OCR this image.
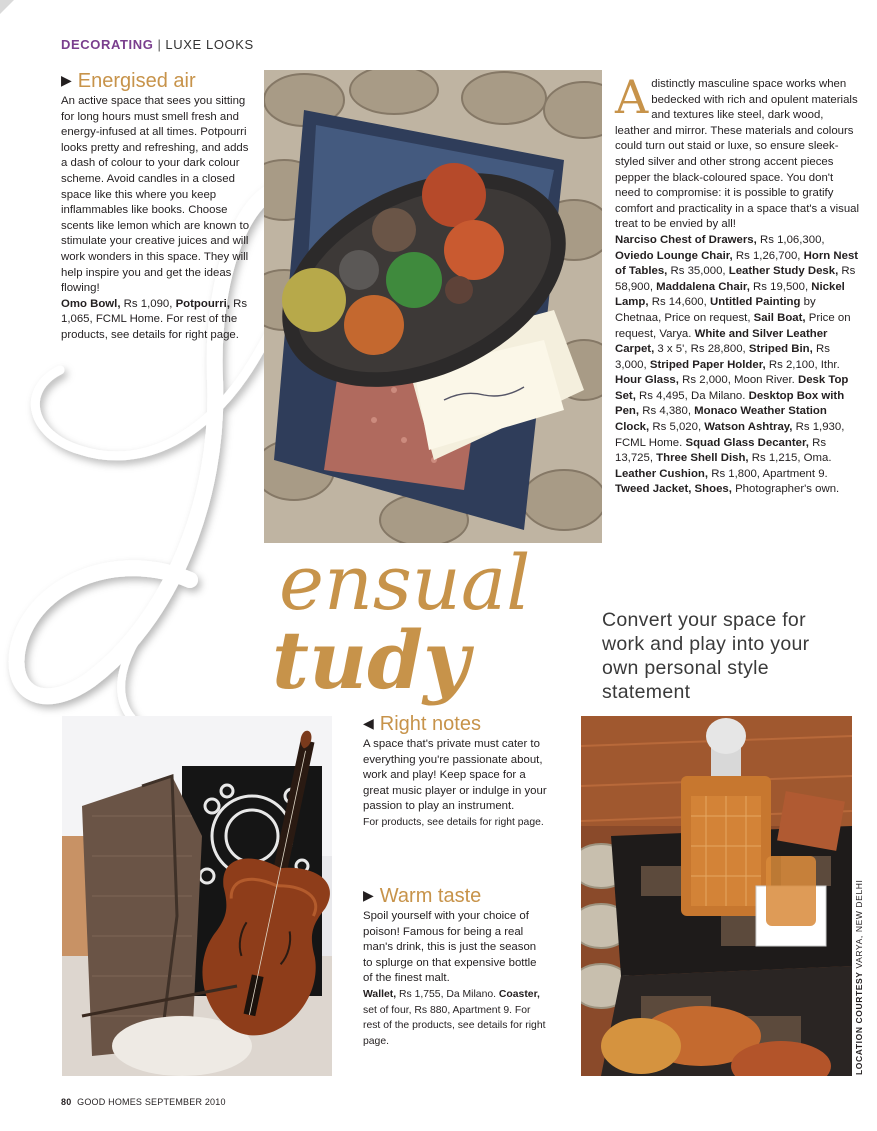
DECORATING | LUXE LOOKS
▶ Energised air

An active space that sees you sitting for long hours must smell fresh and energy-infused at all times. Potpourri looks pretty and refreshing, and adds a dash of colour to your dark colour scheme. Avoid candles in a closed space like this where you keep inflammables like books. Choose scents like lemon which are known to stimulate your creative juices and will work wonders in this space. They will help inspire you and get the ideas flowing!

Omo Bowl, Rs 1,090, Potpourri, Rs 1,065, FCML Home. For rest of the products, see details for right page.

Adistinctly masculine space works when bedecked with rich and opulent materials and textures like steel, dark wood, leather and mirror. These materials and colours could turn out staid or luxe, so ensure sleek-styled silver and other strong accent pieces pepper the black-coloured space. You don't need to compromise: it is possible to gratify comfort and practicality in a space that's a visual treat to be envied by all!

Narciso Chest of Drawers, Rs 1,06,300, Oviedo Lounge Chair, Rs 1,26,700, Horn Nest of Tables, Rs 35,000, Leather Study Desk, Rs 58,900, Maddalena Chair, Rs 19,500, Nickel Lamp, Rs 14,600, Untitled Painting by Chetnaa, Price on request, Sail Boat, Price on request, Varya. White and Silver Leather Carpet, 3 x 5', Rs 28,800, Striped Bin, Rs 3,000, Striped Paper Holder, Rs 2,100, Ithr. Hour Glass, Rs 2,000, Moon River. Desk Top Set, Rs 4,495, Da Milano. Desktop Box with Pen, Rs 4,380, Monaco Weather Station Clock, Rs 5,020, Watson Ashtray, Rs 1,930, FCML Home. Squad Glass Decanter, Rs 13,725, Three Shell Dish, Rs 1,215, Oma. Leather Cushion, Rs 1,800, Apartment 9. Tweed Jacket, Shoes, Photographer's own.

ensual
tudy	Convert your space for work and play into your own personal style statement
◀ Right notes

A space that's private must cater to everything you're passionate about, work and play! Keep space for a great music player or indulge in your passion to play an instrument.

For products, see details for right page.

▶ Warm taste

Spoil yourself with your choice of poison! Famous for being a real man's drink, this is just the season to splurge on that expensive bottle of the finest malt.

Wallet, Rs 1,755, Da Milano. Coaster, set of four, Rs 880, Apartment 9. For rest of the products, see details for right page.	LOCATION COURTESY VARYA, NEW DELHI
80 GOOD HOMES SEPTEMBER 2010
